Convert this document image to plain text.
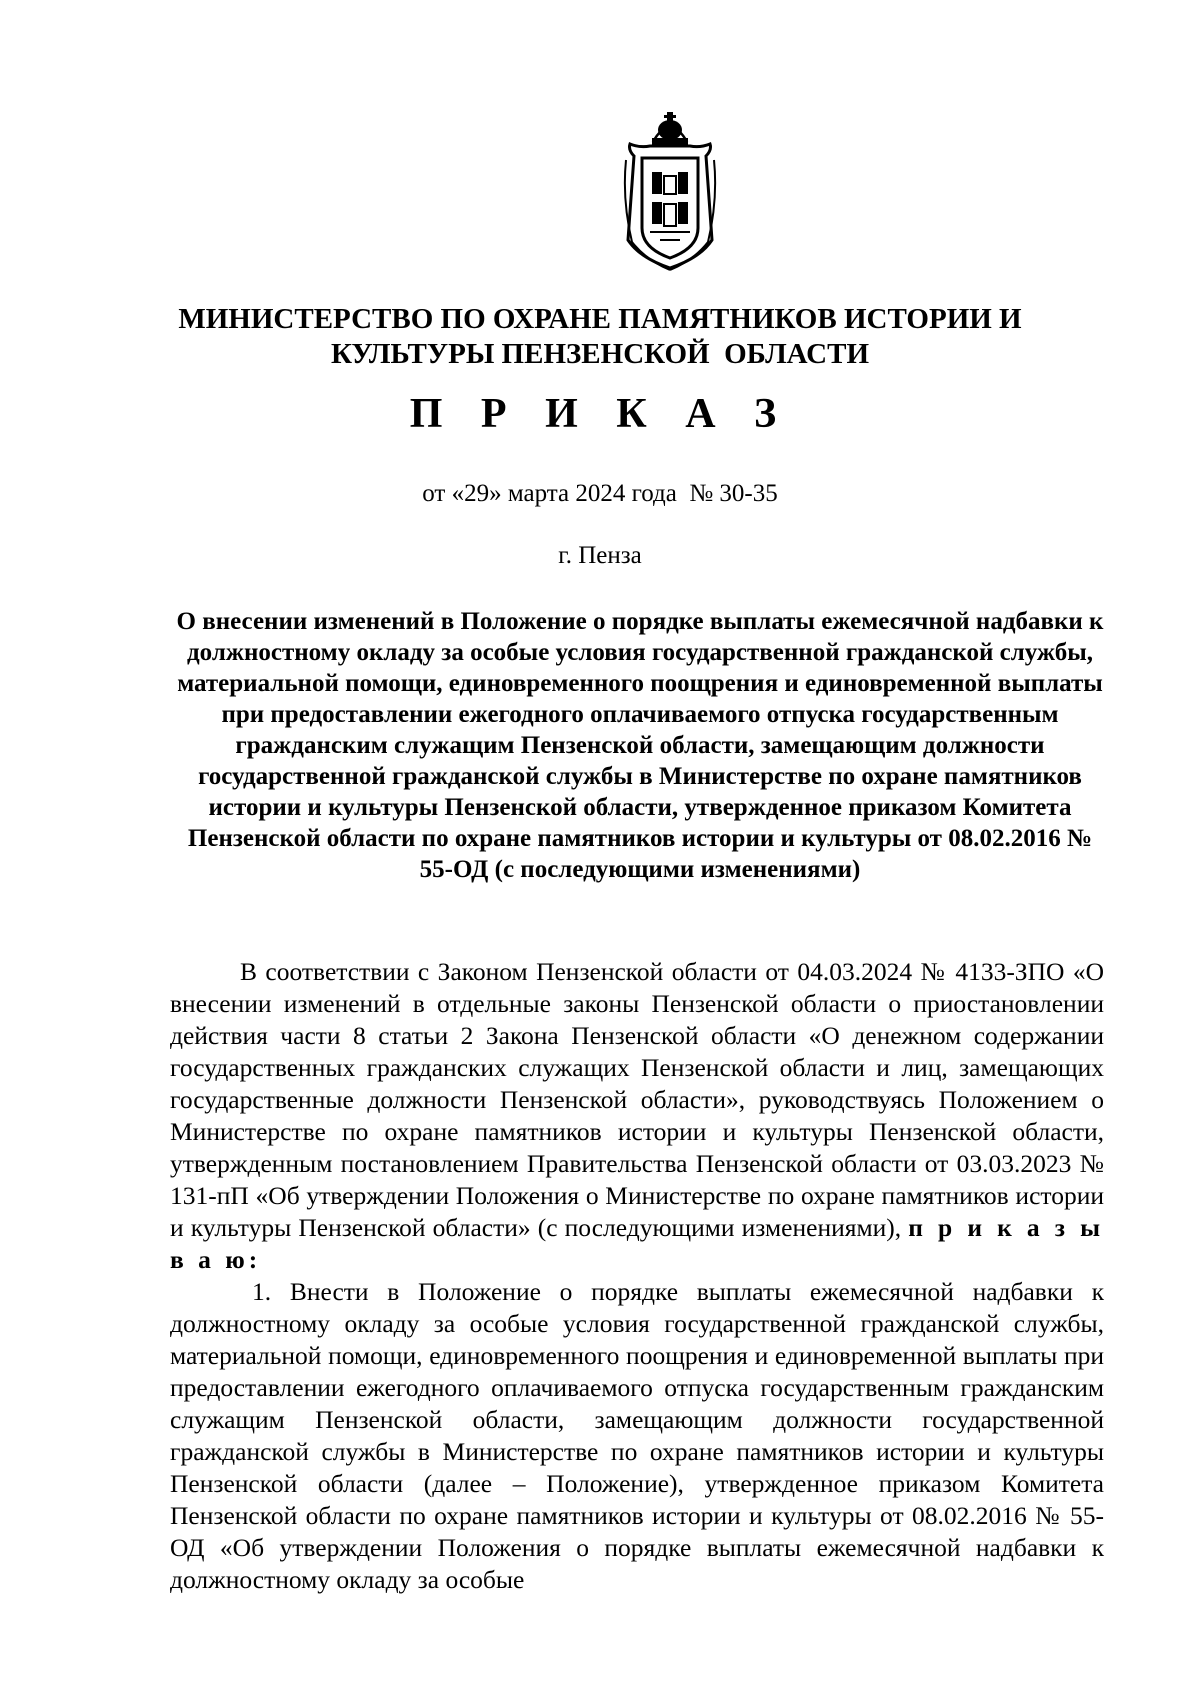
МИНИСТЕРСТВО ПО ОХРАНЕ ПАМЯТНИКОВ ИСТОРИИ И
КУЛЬТУРЫ ПЕНЗЕНСКОЙ  ОБЛАСТИ
П Р И К А З
от «29» марта 2024 года  № 30-35
г. Пенза
О внесении изменений в Положение о порядке выплаты ежемесячной надбавки к должностному окладу за особые условия государственной гражданской службы, материальной помощи, единовременного поощрения и единовременной выплаты при предоставлении ежегодного оплачиваемого отпуска государственным гражданским служащим Пензенской области, замещающим должности государственной гражданской службы в Министерстве по охране памятников истории и культуры Пензенской области, утвержденное приказом Комитета Пензенской области по охране памятников истории и культуры от 08.02.2016 № 55-ОД (с последующими изменениями)

В соответствии с Законом Пензенской области от 04.03.2024 № 4133-ЗПО «О внесении изменений в отдельные законы Пензенской области о приостановлении действия части 8 статьи 2 Закона Пензенской области «О денежном содержании государственных гражданских служащих Пензенской области и лиц, замещающих государственные должности Пензенской области», руководствуясь Положением о Министерстве по охране памятников истории и культуры Пензенской области, утвержденным постановлением Правительства Пензенской области от 03.03.2023 № 131-пП «Об утверждении Положения о Министерстве по охране памятников истории и культуры Пензенской области» (с последующими изменениями), п р и к а з ы в а ю:

1. Внести в Положение о порядке выплаты ежемесячной надбавки к должностному окладу за особые условия государственной гражданской службы, материальной помощи, единовременного поощрения и единовременной выплаты при предоставлении ежегодного оплачиваемого отпуска государственным гражданским служащим Пензенской области, замещающим должности государственной гражданской службы в Министерстве по охране памятников истории и культуры Пензенской области (далее – Положение), утвержденное приказом Комитета Пензенской области по охране памятников истории и культуры от 08.02.2016 № 55-ОД «Об утверждении Положения о порядке выплаты ежемесячной надбавки к должностному окладу за особые
